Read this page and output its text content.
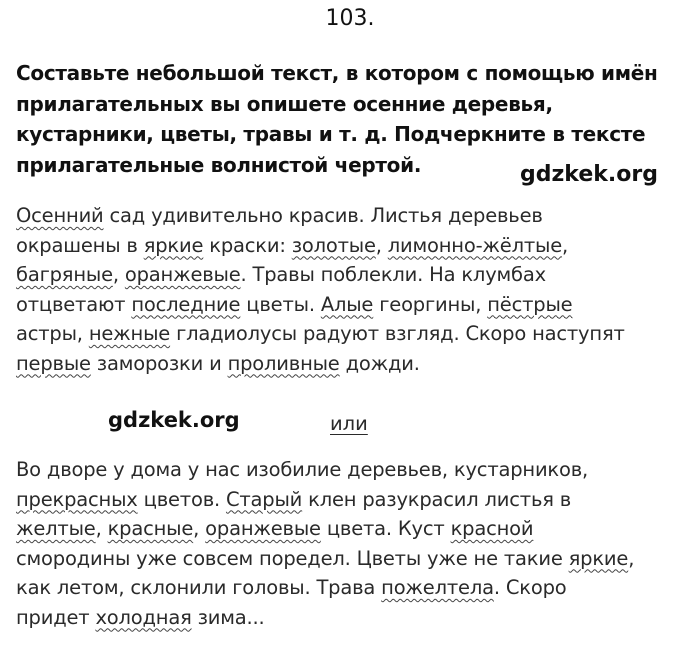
103.
Составьте небольшой текст, в котором с помощью имён
прилагательных вы опишете осенние деревья,
кустарники, цветы, травы и т. д. Подчеркните в тексте
прилагательные волнистой чертой.	gdzkek.org
Осенний сад удивительно красив. Листья деревьев
окрашены в яркие краски: золотые, лимонно-жёлтые,
багряные, оранжевые. Травы поблекли. На клумбах
отцветают последние цветы. Алые георгины, пёстрые
астры, нежные гладиолусы радуют взгляд. Скоро наступят
первые заморозки и проливные дожди.
gdzkek.org	или
Во дворе у дома у нас изобилие деревьев, кустарников,
прекрасных цветов. Старый клен разукрасил листья в
желтые, красные, оранжевые цвета. Куст красной
смородины уже совсем поредел. Цветы уже не такие яркие,
как летом, склонили головы. Трава пожелтела. Скоро
придет холодная зима...
